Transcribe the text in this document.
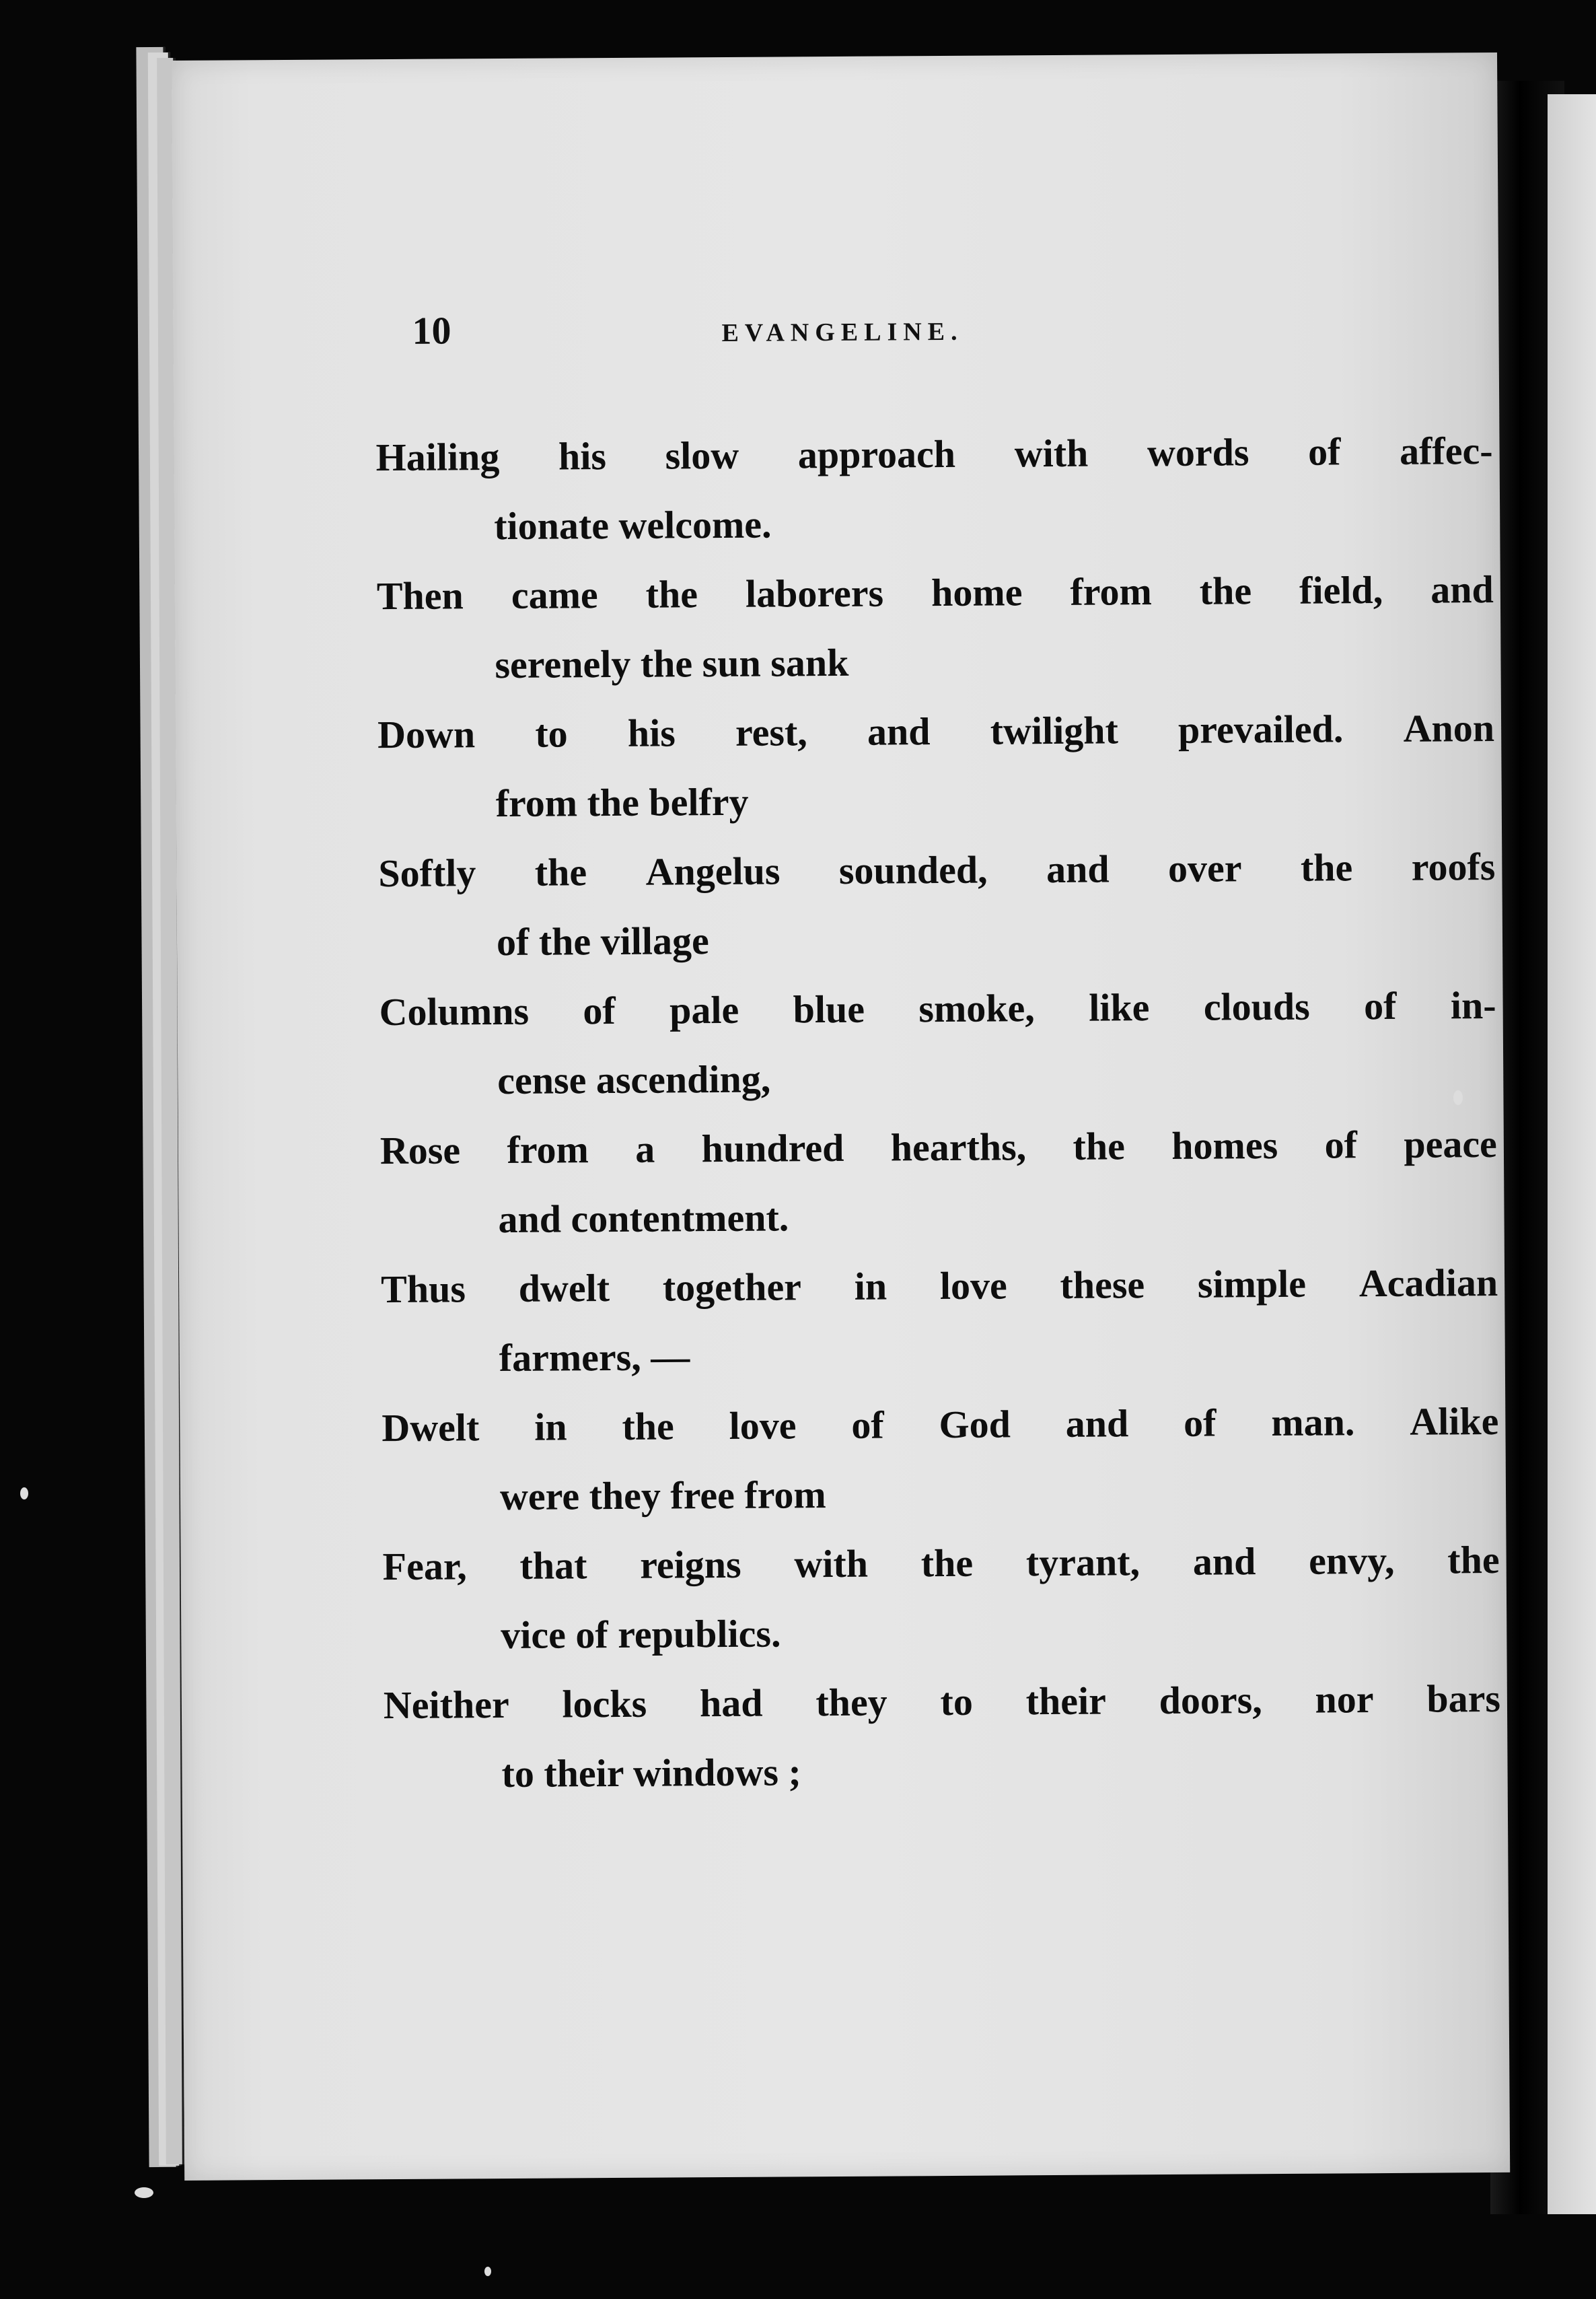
10	EVANGELINE.
Hailing his slow approach with words of affec-
tionate welcome.
Then came the laborers home from the field, and
serenely the sun sank
Down to his rest, and twilight prevailed. Anon
from the belfry
Softly the Angelus sounded, and over the roofs
of the village
Columns of pale blue smoke, like clouds of in-
cense ascending,
Rose from a hundred hearths, the homes of peace
and contentment.
Thus dwelt together in love these simple Acadian
farmers, —
Dwelt in the love of God and of man. Alike
were they free from
Fear, that reigns with the tyrant, and envy, the
vice of republics.
Neither locks had they to their doors, nor bars
to their windows ;
